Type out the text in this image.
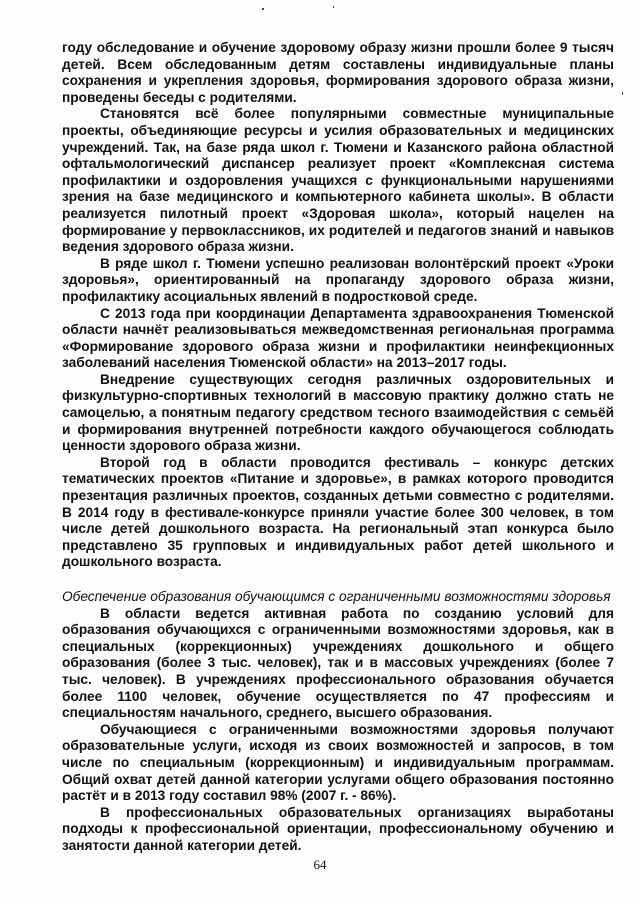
году обследование и обучение здоровому образу жизни прошли более 9 тысяч детей. Всем обследованным детям составлены индивидуальные планы сохранения и укрепления здоровья, формирования здорового образа жизни, проведены беседы с родителями.

Становятся всё более популярными совместные муниципальные проекты, объединяющие ресурсы и усилия образовательных и медицинских учреждений. Так, на базе ряда школ г. Тюмени и Казанского района областной офтальмологический диспансер реализует проект «Комплексная система профилактики и оздоровления учащихся с функциональными нарушениями зрения на базе медицинского и компьютерного кабинета школы». В области реализуется пилотный проект «Здоровая школа», который нацелен на формирование у первоклассников, их родителей и педагогов знаний и навыков ведения здорового образа жизни.

В ряде школ г. Тюмени успешно реализован волонтёрский проект «Уроки здоровья», ориентированный на пропаганду здорового образа жизни, профилактику асоциальных явлений в подростковой среде.

С 2013 года при координации Департамента здравоохранения Тюменской области начнёт реализовываться межведомственная региональная программа «Формирование здорового образа жизни и профилактики неинфекционных заболеваний населения Тюменской области» на 2013–2017 годы.

Внедрение существующих сегодня различных оздоровительных и физкультурно-спортивных технологий в массовую практику должно стать не самоцелью, а понятным педагогу средством тесного взаимодействия с семьёй и формирования внутренней потребности каждого обучающегося соблюдать ценности здорового образа жизни.

Второй год в области проводится фестиваль – конкурс детских тематических проектов «Питание и здоровье», в рамках которого проводится презентация различных проектов, созданных детьми совместно с родителями. В 2014 году в фестивале-конкурсе приняли участие более 300 человек, в том числе детей дошкольного возраста. На региональный этап конкурса было представлено 35 групповых и индивидуальных работ детей школьного и дошкольного возраста.

Обеспечение образования обучающимся с ограниченными возможностями здоровья

В области ведется активная работа по созданию условий для образования обучающихся с ограниченными возможностями здоровья, как в специальных (коррекционных) учреждениях дошкольного и общего образования (более 3 тыс. человек), так и в массовых учреждениях (более 7 тыс. человек). В учреждениях профессионального образования обучается более 1100 человек, обучение осуществляется по 47 профессиям и специальностям начального, среднего, высшего образования.

Обучающиеся с ограниченными возможностями здоровья получают образовательные услуги, исходя из своих возможностей и запросов, в том числе по специальным (коррекционным) и индивидуальным программам. Общий охват детей данной категории услугами общего образования постоянно растёт и в 2013 году составил 98% (2007 г. - 86%).

В профессиональных образовательных организациях выработаны подходы к профессиональной ориентации, профессиональному обучению и занятости данной категории детей.

64
